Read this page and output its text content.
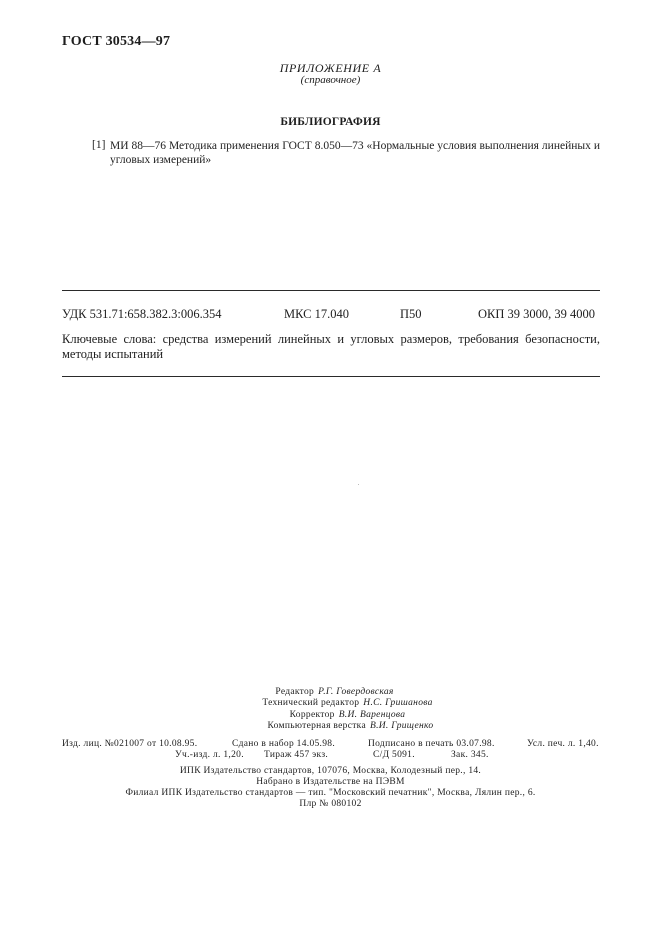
ГОСТ 30534—97
ПРИЛОЖЕНИЕ А
(справочное)
БИБЛИОГРАФИЯ
[1] МИ 88—76 Методика применения ГОСТ 8.050—73 «Нормальные условия выполнения линейных и угловых измерений»
УДК 531.71:658.382.3:006.354	МКС 17.040	П50	ОКП 39 3000, 39 4000
Ключевые слова: средства измерений линейных и угловых размеров, требования безопасности, методы испытаний
Редактор Р.Г. Говердовская
Технический редактор Н.С. Гришанова
Корректор В.И. Варенцова
Компьютерная верстка В.И. Грищенко
Изд. лиц. №021007 от 10.08.95.	Сдано в набор 14.05.98.	Подписано в печать 03.07.98.	Усл. печ. л. 1,40.
Уч.-изд. л. 1,20. Тираж 457 экз.	С/Д 5091.	Зак. 345.
ИПК Издательство стандартов, 107076, Москва, Колодезный пер., 14.
Набрано в Издательстве на ПЭВМ
Филиал ИПК Издательство стандартов — тип. "Московский печатник", Москва, Лялин пер., 6.
Плр № 080102
